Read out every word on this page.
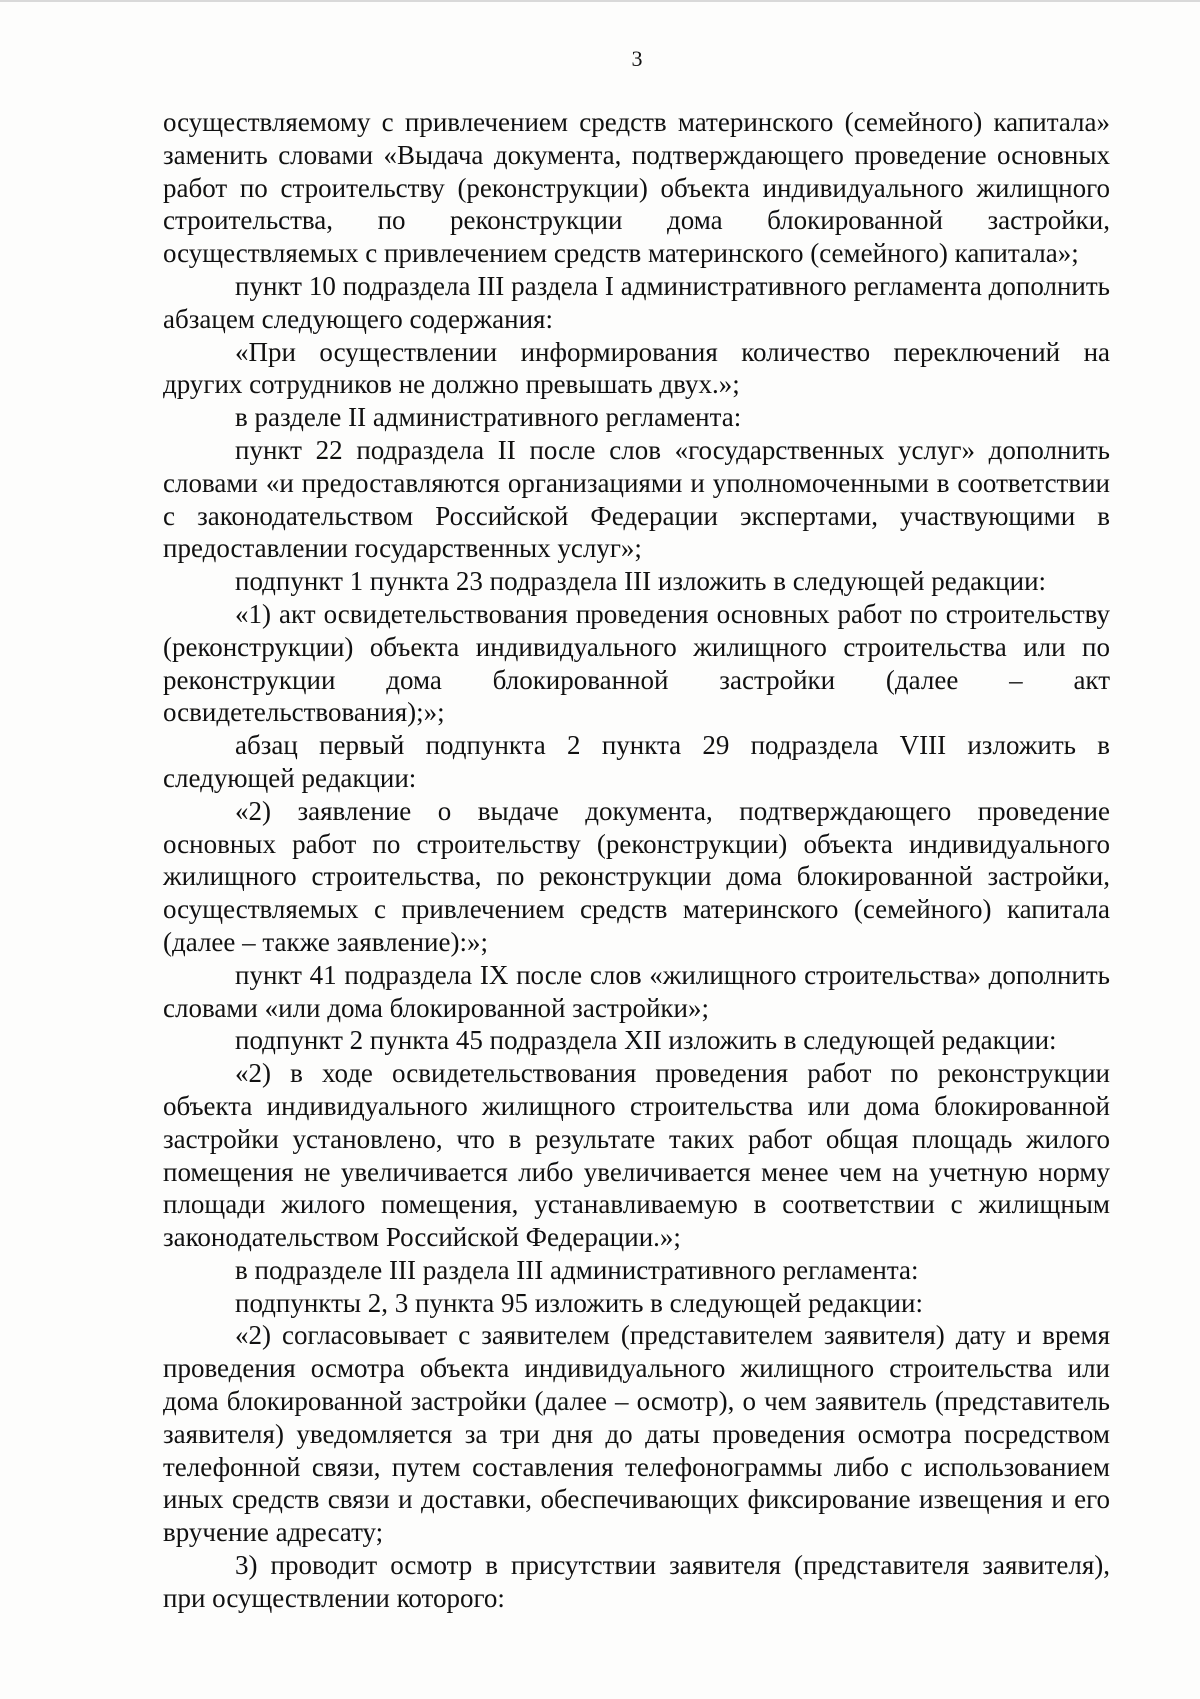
3

осуществляемому с привлечением средств материнского (семейного) капитала» заменить словами «Выдача документа, подтверждающего проведение основных работ по строительству (реконструкции) объекта индивидуального жилищного строительства, по реконструкции дома блокированной застройки, осуществляемых с привлечением средств материнского (семейного) капитала»;

пункт 10 подраздела III раздела I административного регламента дополнить абзацем следующего содержания:

«При осуществлении информирования количество переключений на других сотрудников не должно превышать двух.»;

в разделе II административного регламента:

пункт 22 подраздела II после слов «государственных услуг» дополнить словами «и предоставляются организациями и уполномоченными в соответствии с законодательством Российской Федерации экспертами, участвующими в предоставлении государственных услуг»;

подпункт 1 пункта 23 подраздела III изложить в следующей редакции:

«1) акт освидетельствования проведения основных работ по строительству (реконструкции) объекта индивидуального жилищного строительства или по реконструкции дома блокированной застройки (далее – акт освидетельствования);»;

абзац первый подпункта 2 пункта 29 подраздела VIII изложить в следующей редакции:

«2) заявление о выдаче документа, подтверждающего проведение основных работ по строительству (реконструкции) объекта индивидуального жилищного строительства, по реконструкции дома блокированной застройки, осуществляемых с привлечением средств материнского (семейного) капитала (далее – также заявление):»;

пункт 41 подраздела IX после слов «жилищного строительства» дополнить словами «или дома блокированной застройки»;

подпункт 2 пункта 45 подраздела XII изложить в следующей редакции:

«2) в ходе освидетельствования проведения работ по реконструкции объекта индивидуального жилищного строительства или дома блокированной застройки установлено, что в результате таких работ общая площадь жилого помещения не увеличивается либо увеличивается менее чем на учетную норму площади жилого помещения, устанавливаемую в соответствии с жилищным законодательством Российской Федерации.»;

в подразделе III раздела III административного регламента:

подпункты 2, 3 пункта 95 изложить в следующей редакции:

«2) согласовывает с заявителем (представителем заявителя) дату и время проведения осмотра объекта индивидуального жилищного строительства или дома блокированной застройки (далее – осмотр), о чем заявитель (представитель заявителя) уведомляется за три дня до даты проведения осмотра посредством телефонной связи, путем составления телефонограммы либо с использованием иных средств связи и доставки, обеспечивающих фиксирование извещения и его вручение адресату;

3) проводит осмотр в присутствии заявителя (представителя заявителя), при осуществлении которого:
